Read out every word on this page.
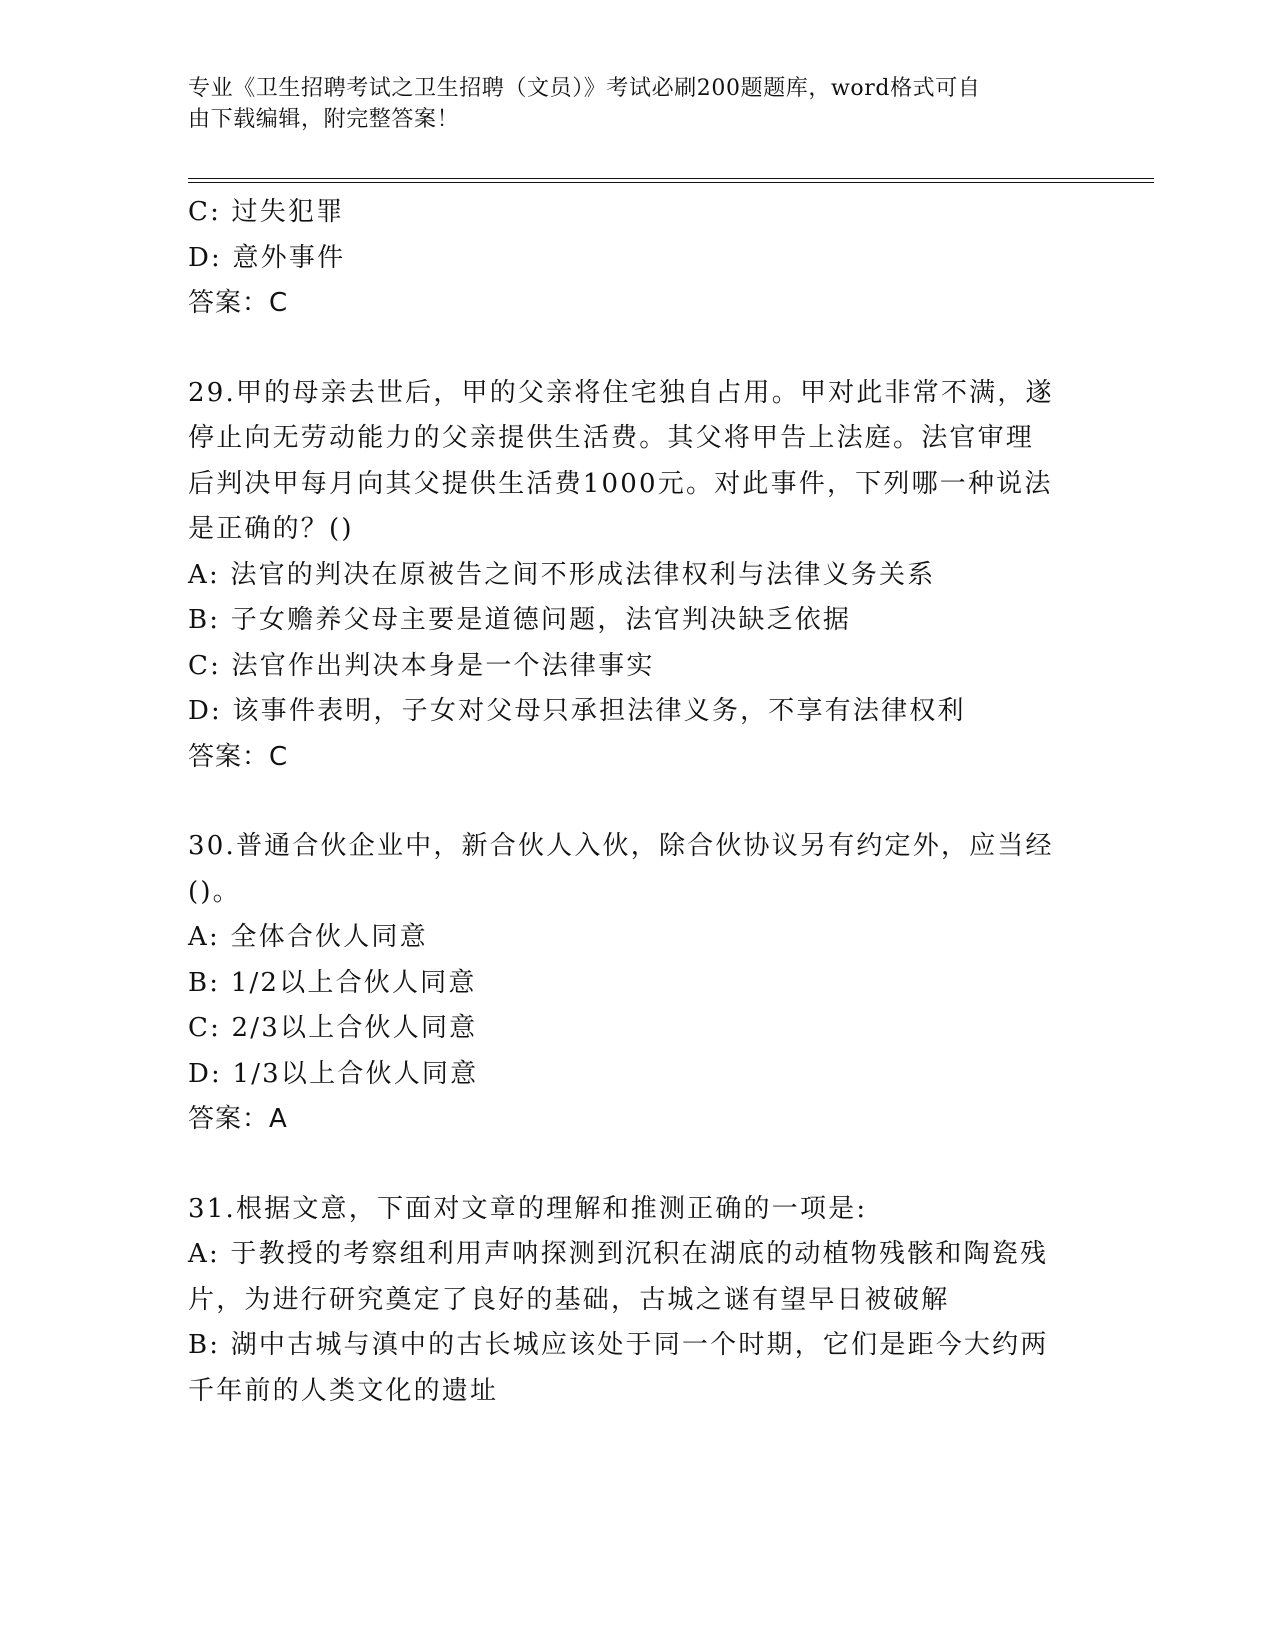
专业《卫生招聘考试之卫生招聘（文员）》考试必刷200题题库，word格式可自
由下载编辑，附完整答案！
C: 过失犯罪
D: 意外事件
答案：C
29.甲的母亲去世后，甲的父亲将住宅独自占用。甲对此非常不满，遂
停止向无劳动能力的父亲提供生活费。其父将甲告上法庭。法官审理
后判决甲每月向其父提供生活费1000元。对此事件，下列哪一种说法
是正确的？()
A: 法官的判决在原被告之间不形成法律权利与法律义务关系
B: 子女赡养父母主要是道德问题，法官判决缺乏依据
C: 法官作出判决本身是一个法律事实
D: 该事件表明，子女对父母只承担法律义务，不享有法律权利
答案：C
30.普通合伙企业中，新合伙人入伙，除合伙协议另有约定外，应当经
()。
A: 全体合伙人同意
B: 1/2以上合伙人同意
C: 2/3以上合伙人同意
D: 1/3以上合伙人同意
答案：A
31.根据文意，下面对文章的理解和推测正确的一项是:
A: 于教授的考察组利用声呐探测到沉积在湖底的动植物残骸和陶瓷残
片，为进行研究奠定了良好的基础，古城之谜有望早日被破解
B: 湖中古城与滇中的古长城应该处于同一个时期，它们是距今大约两
千年前的人类文化的遗址
